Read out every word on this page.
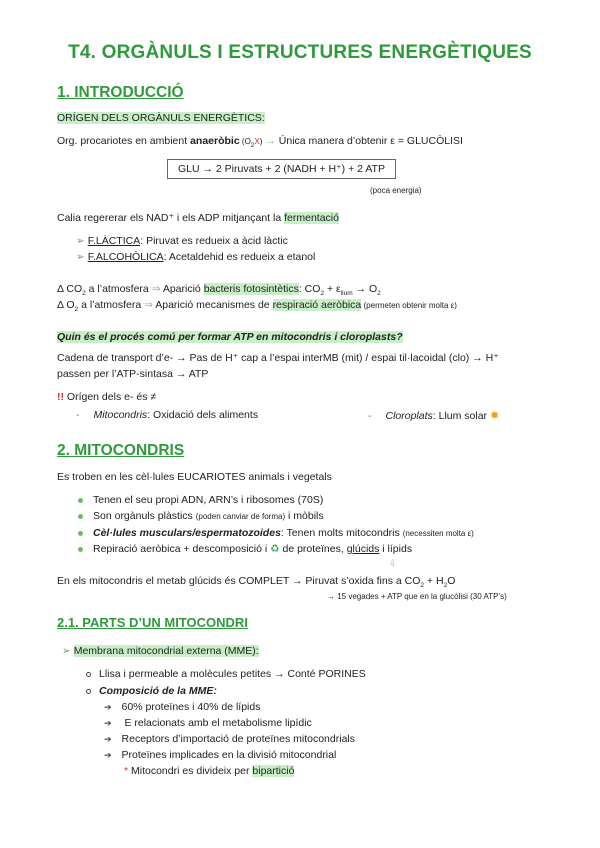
T4. ORGÀNULS I ESTRUCTURES ENERGÈTIQUES
1. INTRODUCCIÓ
ORÍGEN DELS ORGÀNULS ENERGÈTICS:
Org. procariotes en ambient anaeròbic $(O_2X)$ → Única manera d’obtenir ε = GLUCÒLISI
GLU → 2 Piruvats + 2 (NADH + H⁺) + 2 ATP
(poca energia)
Calia regererar els NAD⁺ i els ADP mitjançant la fermentació
➢ F.LÀCTICA: Piruvat es redueix a àcid làctic
➢ F.ALCOHÒLICA: Acetaldehid es redueix a etanol
Δ $CO_2$ a l’atmosfera ⇒ Aparició bacteris fotosintètics: $CO_2 + \varepsilon_{llum} \to O_2$
Δ $O_2$ a l’atmosfera ⇒ Aparició mecanismes de respiració aeròbica (permeten obtenir molta ε)
Quin és el procés comú per formar ATP en mitocondris i cloroplasts?
Cadena de transport d’e- → Pas de H⁺ cap a l’espai interMB (mit) / espai til·lacoidal (clo) → H⁺
passen per l’ATP-sintasa → ATP
!! Orígen dels e- és ≠
- Mitocondris: Oxidació dels aliments	- Cloroplats: Llum solar ✹
2. MITOCONDRIS
Es troben en les cèl·lules EUCARIOTES animals i vegetals
Tenen el seu propi ADN, ARN’s i ribosomes (70S)
Son orgànuls plàstics (poden canviar de forma) i mòbils
Cèl·lules musculars/espermatozoides: Tenen molts mitocondris (necessiten molta ε)
Repiració aeròbica + descomposició i ♻ de proteïnes, glúcids i lípids
⇩
En els mitocondris el metab glúcids és COMPLET → Piruvat s’oxida fins a $CO_2 + H_2O$
→ 15 vegades + ATP que en la glucòlisi (30 ATP’s)
2.1. PARTS D’UN MITOCONDRI
➢ Membrana mitocondrial externa (MME):
Llisa i permeable a molècules petites → Conté PORINES
Composició de la MME:
➔ 60% proteïnes i 40% de lípids
➔ E relacionats amb el metabolisme lipídic
➔ Receptors d’importació de proteïnes mitocondrials
➔ Proteïnes implicades en la divisió mitocondrial
* Mitocondri es divideix per bipartició
